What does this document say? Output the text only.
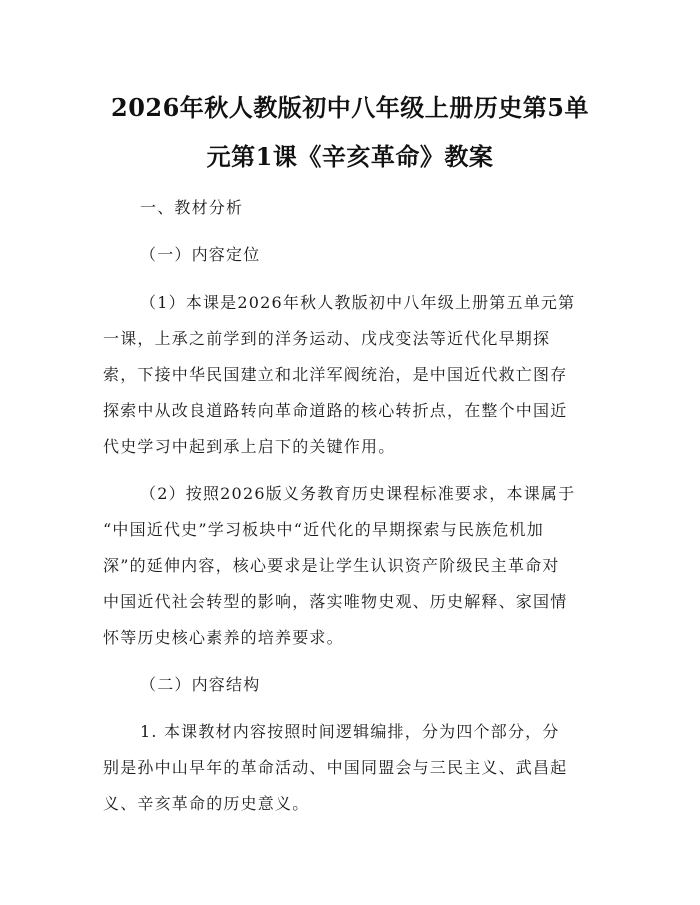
2026年秋人教版初中八年级上册历史第5单
元第1课《辛亥革命》教案
一、教材分析
（一）内容定位
（1）本课是2026年秋人教版初中八年级上册第五单元第
一课，上承之前学到的洋务运动、戊戌变法等近代化早期探
索，下接中华民国建立和北洋军阀统治，是中国近代救亡图存
探索中从改良道路转向革命道路的核心转折点，在整个中国近
代史学习中起到承上启下的关键作用。
（2）按照2026版义务教育历史课程标准要求，本课属于
“中国近代史”学习板块中“近代化的早期探索与民族危机加
深”的延伸内容，核心要求是让学生认识资产阶级民主革命对
中国近代社会转型的影响，落实唯物史观、历史解释、家国情
怀等历史核心素养的培养要求。
（二）内容结构
1. 本课教材内容按照时间逻辑编排，分为四个部分，分
别是孙中山早年的革命活动、中国同盟会与三民主义、武昌起
义、辛亥革命的历史意义。
